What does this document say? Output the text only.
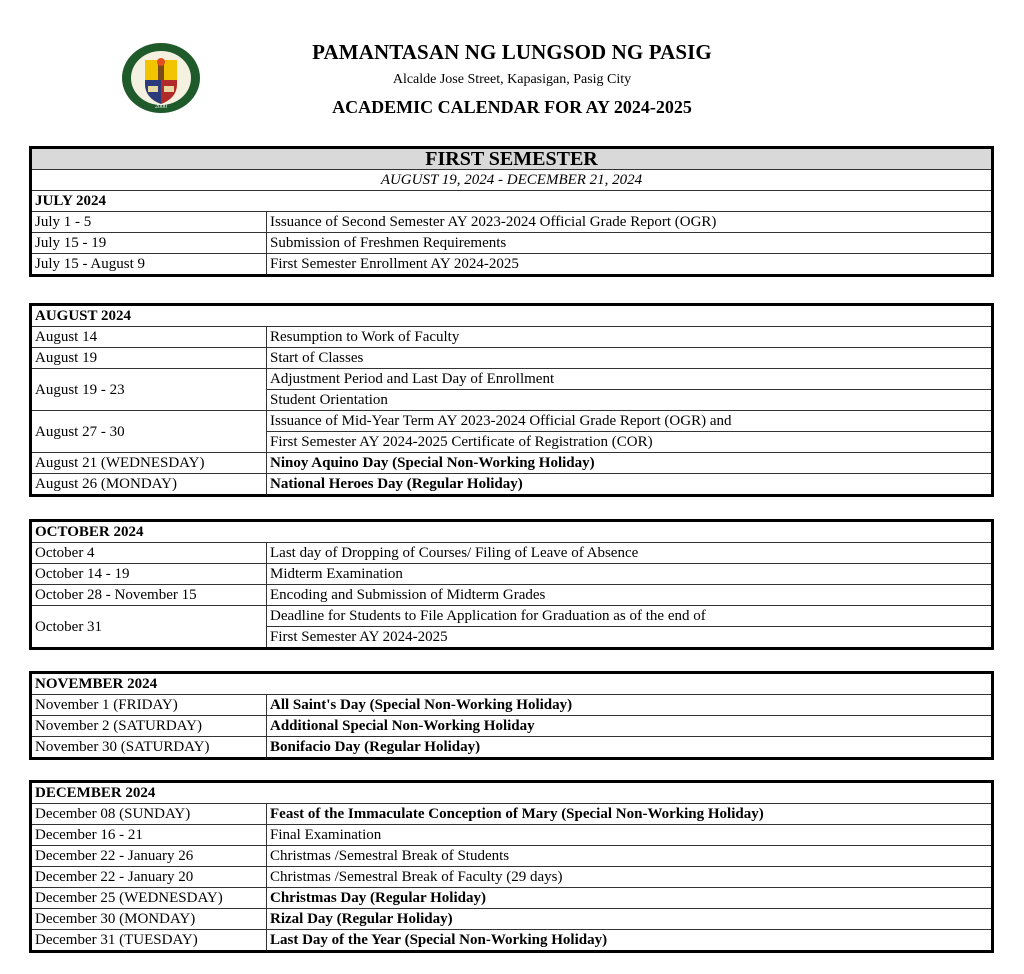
2000
PAMANTASAN NG LUNGSOD NG PASIG
Alcalde Jose Street, Kapasigan, Pasig City
ACADEMIC CALENDAR FOR AY 2024-2025
FIRST SEMESTER	
AUGUST 19, 2024 - DECEMBER 21, 2024	
JULY 2024	
July 1 - 5	Issuance of Second Semester AY 2023-2024 Official Grade Report (OGR)
July 15 - 19	Submission of Freshmen Requirements
July 15 - August 9	First Semester Enrollment AY 2024-2025
AUGUST 2024	
August 14	Resumption to Work of Faculty
August 19	Start of Classes
August 19 - 23	Adjustment Period and Last Day of Enrollment
	Student Orientation
August 27 - 30	Issuance of Mid-Year Term AY 2023-2024 Official Grade Report (OGR) and
	First Semester AY 2024-2025 Certificate of Registration (COR)
August 21 (WEDNESDAY)	Ninoy Aquino Day (Special Non-Working Holiday)
August 26 (MONDAY)	National Heroes Day (Regular Holiday)
OCTOBER 2024	
October 4	Last day of Dropping of Courses/ Filing of Leave of Absence
October 14 - 19	Midterm Examination
October 28 - November 15	Encoding and Submission of Midterm Grades
October 31	Deadline for Students to File Application for Graduation as of the end of
	First Semester AY 2024-2025
NOVEMBER 2024	
November 1 (FRIDAY)	All Saint's Day (Special Non-Working Holiday)
November 2 (SATURDAY)	Additional Special Non-Working Holiday
November 30 (SATURDAY)	Bonifacio Day (Regular Holiday)
DECEMBER 2024	
December 08 (SUNDAY)	Feast of the Immaculate Conception of Mary (Special Non-Working Holiday)
December 16 - 21	Final Examination
December 22 - January 26	Christmas /Semestral Break of Students
December 22 - January 20	Christmas /Semestral Break of Faculty (29 days)
December 25 (WEDNESDAY)	Christmas Day (Regular Holiday)
December 30 (MONDAY)	Rizal Day (Regular Holiday)
December 31 (TUESDAY)	Last Day of the Year (Special Non-Working Holiday)
